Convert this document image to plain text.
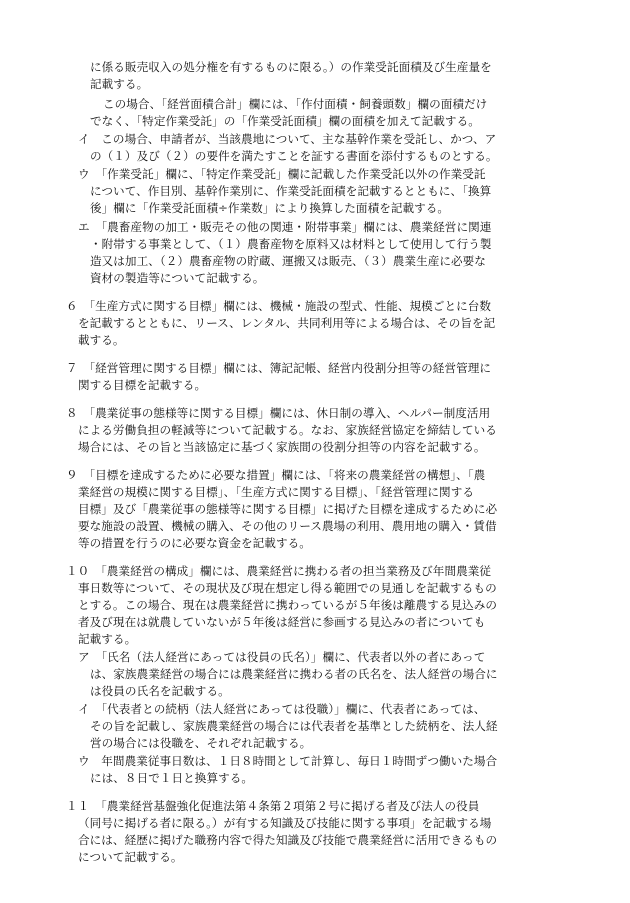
に係る販売収入の処分権を有するものに限る。）の作業受託面積及び生産量を
記載する。
この場合、「経営面積合計」欄には、「作付面積・飼養頭数」欄の面積だけ
でなく、「特定作業受託」の「作業受託面積」欄の面積を加えて記載する。
イ　この場合、申請者が、当該農地について、主な基幹作業を受託し、かつ、ア
の（１）及び（２）の要件を満たすことを証する書面を添付するものとする。
ウ　「作業受託」欄に、「特定作業受託」欄に記載した作業受託以外の作業受託
について、作目別、基幹作業別に、作業受託面積を記載するとともに、「換算
後」欄に「作業受託面積÷作業数」により換算した面積を記載する。
エ　「農畜産物の加工・販売その他の関連・附帯事業」欄には、農業経営に関連
・附帯する事業として、（１）農畜産物を原料又は材料として使用して行う製
造又は加工、（２）農畜産物の貯蔵、運搬又は販売、（３）農業生産に必要な
資材の製造等について記載する。
６　「生産方式に関する目標」欄には、機械・施設の型式、性能、規模ごとに台数
を記載するとともに、リース、レンタル、共同利用等による場合は、その旨を記
載する。
７　「経営管理に関する目標」欄には、簿記記帳、経営内役割分担等の経営管理に
関する目標を記載する。
８　「農業従事の態様等に関する目標」欄には、休日制の導入、ヘルパー制度活用
による労働負担の軽減等について記載する。なお、家族経営協定を締結している
場合には、その旨と当該協定に基づく家族間の役割分担等の内容を記載する。
９　「目標を達成するために必要な措置」欄には、「将来の農業経営の構想」、「農
業経営の規模に関する目標」、「生産方式に関する目標」、「経営管理に関する
目標」及び「農業従事の態様等に関する目標」に掲げた目標を達成するために必
要な施設の設置、機械の購入、その他のリース農場の利用、農用地の購入・賃借
等の措置を行うのに必要な資金を記載する。
１０　「農業経営の構成」欄には、農業経営に携わる者の担当業務及び年間農業従
事日数等について、その現状及び現在想定し得る範囲での見通しを記載するもの
とする。この場合、現在は農業経営に携わっているが５年後は離農する見込みの
者及び現在は就農していないが５年後は経営に参画する見込みの者についても
記載する。
ア　「氏名（法人経営にあっては役員の氏名）」欄に、代表者以外の者にあって
は、家族農業経営の場合には農業経営に携わる者の氏名を、法人経営の場合に
は役員の氏名を記載する。
イ　「代表者との続柄（法人経営にあっては役職）」欄に、代表者にあっては、
その旨を記載し、家族農業経営の場合には代表者を基準とした続柄を、法人経
営の場合には役職を、それぞれ記載する。
ウ　年間農業従事日数は、１日８時間として計算し、毎日１時間ずつ働いた場合
には、８日で１日と換算する。
１１　「農業経営基盤強化促進法第４条第２項第２号に掲げる者及び法人の役員
（同号に掲げる者に限る。）が有する知識及び技能に関する事項」を記載する場
合には、経歴に掲げた職務内容で得た知識及び技能で農業経営に活用できるもの
について記載する。
